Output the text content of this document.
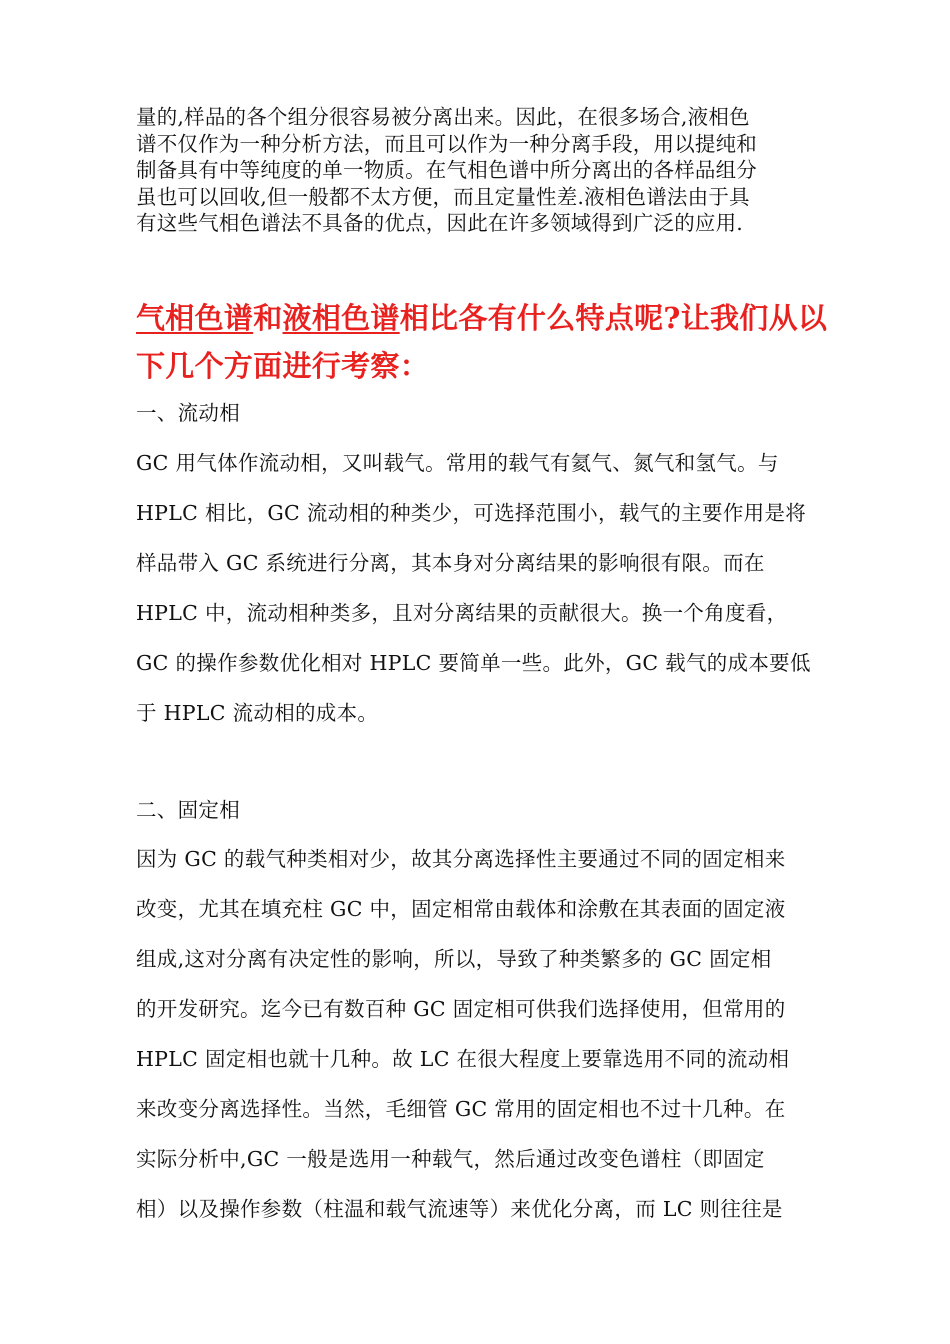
量的,样品的各个组分很容易被分离出来。因此，在很多场合,液相色
谱不仅作为一种分析方法，而且可以作为一种分离手段，用以提纯和
制备具有中等纯度的单一物质。在气相色谱中所分离出的各样品组分
虽也可以回收,但一般都不太方便，而且定量性差.液相色谱法由于具
有这些气相色谱法不具备的优点，因此在许多领域得到广泛的应用.

气相色谱和液相色谱相比各有什么特点呢?让我们从以
下几个方面进行考察：

一、流动相

GC 用气体作流动相，又叫载气。常用的载气有氦气、氮气和氢气。与
HPLC 相比，GC 流动相的种类少，可选择范围小，载气的主要作用是将
样品带入 GC 系统进行分离，其本身对分离结果的影响很有限。而在
HPLC 中，流动相种类多，且对分离结果的贡献很大。换一个角度看，
GC 的操作参数优化相对 HPLC 要简单一些。此外，GC 载气的成本要低
于 HPLC 流动相的成本。

二、固定相

因为 GC 的载气种类相对少，故其分离选择性主要通过不同的固定相来
改变，尤其在填充柱 GC 中，固定相常由载体和涂敷在其表面的固定液
组成,这对分离有决定性的影响，所以，导致了种类繁多的 GC 固定相
的开发研究。迄今已有数百种 GC 固定相可供我们选择使用，但常用的
HPLC 固定相也就十几种。故 LC 在很大程度上要靠选用不同的流动相
来改变分离选择性。当然，毛细管 GC 常用的固定相也不过十几种。在
实际分析中,GC 一般是选用一种载气，然后通过改变色谱柱（即固定
相）以及操作参数（柱温和载气流速等）来优化分离，而 LC 则往往是
